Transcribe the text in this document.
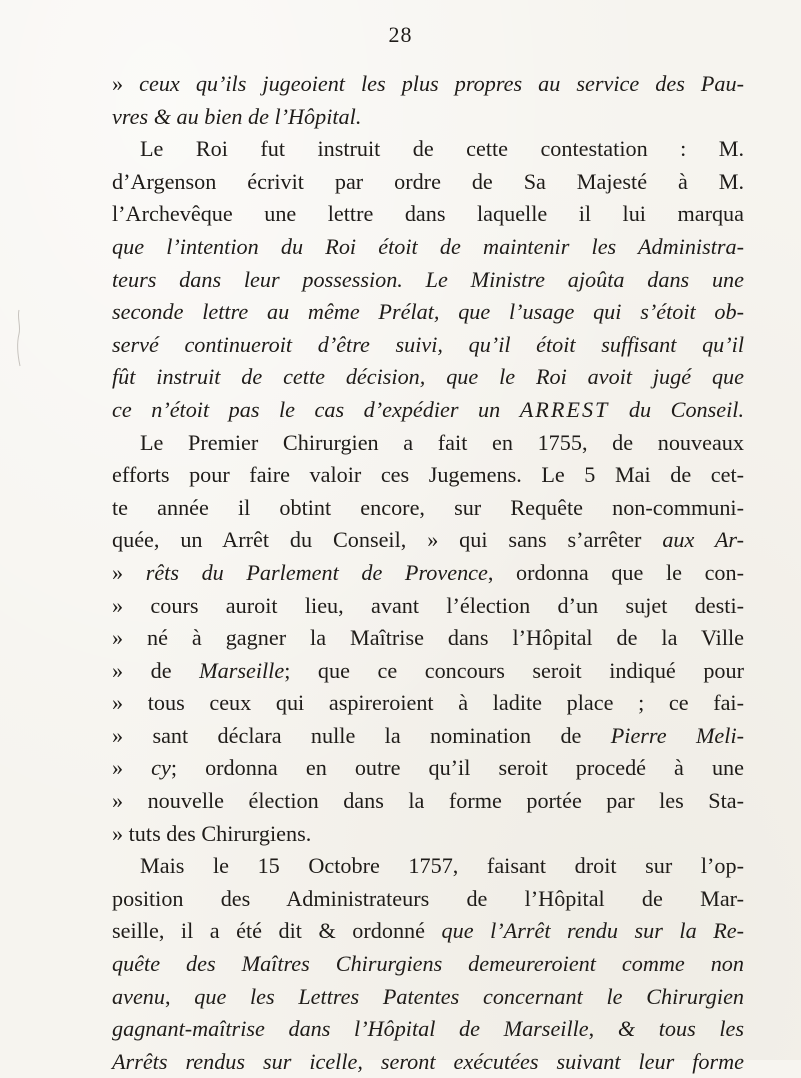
28
» ceux qu’ils jugeoient les plus propres au service des Pau-
vres & au bien de l’Hôpital.
Le Roi fut instruit de cette contestation : M.
d’Argenson écrivit par ordre de Sa Majesté à M.
l’Archevêque une lettre dans laquelle il lui marqua
que l’intention du Roi étoit de maintenir les Administra-
teurs dans leur possession. Le Ministre ajoûta dans une
seconde lettre au même Prélat, que l’usage qui s’étoit ob-
servé continueroit d’être suivi, qu’il étoit suffisant qu’il
fût instruit de cette décision, que le Roi avoit jugé que
ce n’étoit pas le cas d’expédier un ARREST du Conseil.
Le Premier Chirurgien a fait en 1755, de nouveaux
efforts pour faire valoir ces Jugemens. Le 5 Mai de cet-
te année il obtint encore, sur Requête non-communi-
quée, un Arrêt du Conseil, » qui sans s’arrêter aux Ar-
» rêts du Parlement de Provence, ordonna que le con-
» cours auroit lieu, avant l’élection d’un sujet desti-
» né à gagner la Maîtrise dans l’Hôpital de la Ville
» de Marseille; que ce concours seroit indiqué pour
» tous ceux qui aspireroient à ladite place ; ce fai-
» sant déclara nulle la nomination de Pierre Meli-
» cy; ordonna en outre qu’il seroit procedé à une
» nouvelle élection dans la forme portée par les Sta-
» tuts des Chirurgiens.
Mais le 15 Octobre 1757, faisant droit sur l’op-
position des Administrateurs de l’Hôpital de Mar-
seille, il a été dit & ordonné que l’Arrêt rendu sur la Re-
quête des Maîtres Chirurgiens demeureroient comme non
avenu, que les Lettres Patentes concernant le Chirurgien
gagnant-maîtrise dans l’Hôpital de Marseille, & tous les
Arrêts rendus sur icelle, seront exécutées suivant leur forme
